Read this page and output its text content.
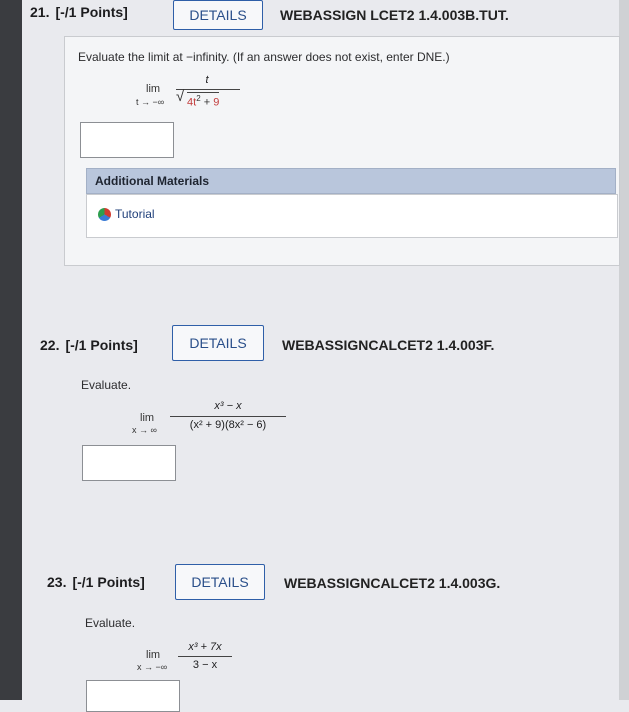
21. [-/1 Points]	DETAILS	WEBASSIGN LCET2 1.4.003B.TUT.
Evaluate the limit at −infinity. (If an answer does not exist, enter DNE.)
lim
t → −∞
t
√ $4t^2 + 9$
Additional Materials
Tutorial
22. [-/1 Points]	DETAILS	WEBASSIGNCALCET2 1.4.003F.
Evaluate.
lim
x → ∞
x³ − x
(x² + 9)(8x² − 6)
23. [-/1 Points]	DETAILS	WEBASSIGNCALCET2 1.4.003G.
Evaluate.
lim
x → −∞
x³ + 7x
3 − x
